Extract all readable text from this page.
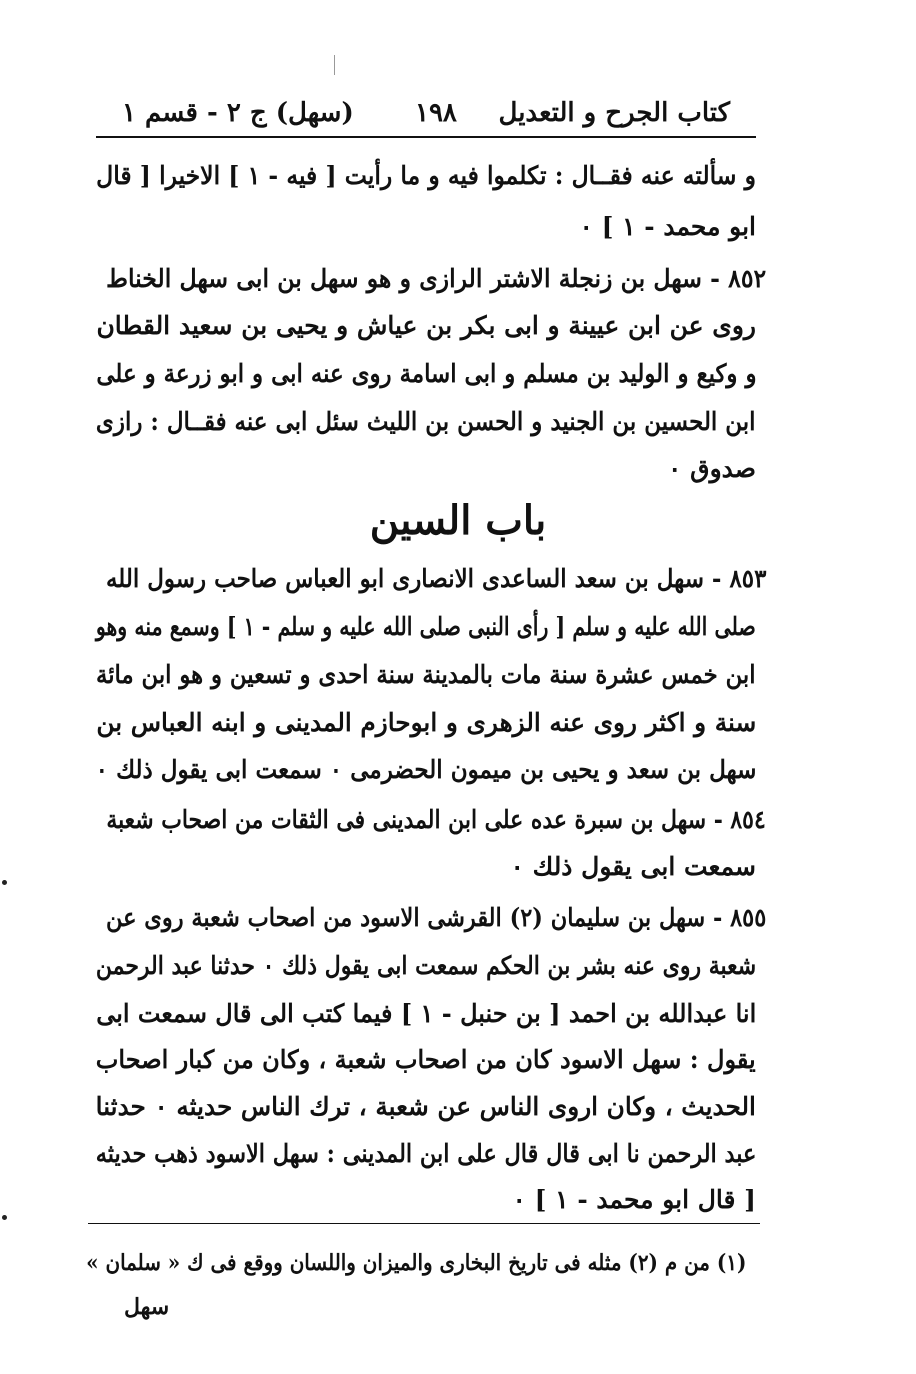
كتاب الجرح و التعديل
١٩٨
(سهل) ج ٢ - قسم ١
و سألته عنه فقــال : تكلموا فيه و ما رأيت [ فيه - ١ ] الاخيرا [ قال
ابو محمد - ١ ] ٠
٨٥٢ - سهل بن زنجلة الاشتر الرازى و هو سهل بن ابى سهل الخناط
روى عن ابن عيينة و ابى بكر بن عياش و يحيى بن سعيد القطان
و وكيع و الوليد بن مسلم و ابى اسامة روى عنه ابى و ابو زرعة و على
ابن الحسين بن الجنيد و الحسن بن الليث سئل ابى عنه فقــال : رازى
صدوق ٠
باب السين
٨٥٣ - سهل بن سعد الساعدى الانصارى ابو العباس صاحب رسول الله
صلى الله عليه و سلم [ رأى النبى صلى الله عليه و سلم - ١ ] وسمع منه وهو
ابن خمس عشرة سنة مات بالمدينة سنة احدى و تسعين و هو ابن مائة
سنة و اكثر روى عنه الزهرى و ابوحازم المدينى و ابنه العباس بن
سهل بن سعد و يحيى بن ميمون الحضرمى ٠ سمعت ابى يقول ذلك ٠
٨٥٤ - سهل بن سبرة عده على ابن المدينى فى الثقات من اصحاب شعبة
سمعت ابى يقول ذلك ٠
٨٥٥ - سهل بن سليمان (٢) القرشى الاسود من اصحاب شعبة روى عن
شعبة روى عنه بشر بن الحكم سمعت ابى يقول ذلك ٠ حدثنا عبد الرحمن
انا عبدالله بن احمد [ بن حنبل - ١ ] فيما كتب الى قال سمعت ابى
يقول : سهل الاسود كان من اصحاب شعبة ، وكان من كبار اصحاب
الحديث ، وكان اروى الناس عن شعبة ، ترك الناس حديثه ٠ حدثنا
عبد الرحمن نا ابى قال قال على ابن المدينى : سهل الاسود ذهب حديثه
[ قال ابو محمد - ١ ] ٠
(١) من م (٢) مثله فى تاريخ البخارى والميزان واللسان ووقع فى ك « سلمان »
سهل
